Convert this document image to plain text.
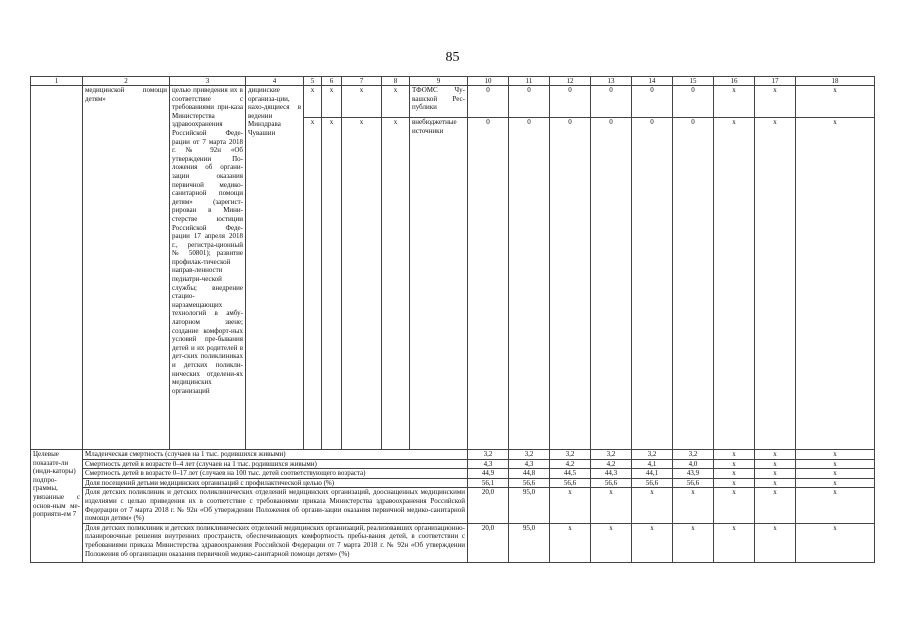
85
1	2	3	4	5	6	7	8	9	10	11	12	13	14	15	16	17	18
	медицинской помощи детям»	целью приведения их в соответствие с требованиями при-каза Министерства здравоохранения Российской Феде-рации от 7 марта 2018 г. № 92н «Об утверждении По-ложения об органи-зации оказания первичной медико-санитарной помощи детям» (зарегист-рирован в Мини-стерстве юстиции Российской Феде-рации 17 апреля 2018 г., регистра-ционный № 50801); развитие профилак-тической направ-ленности педиатри-ческой службы; внедрение стацио-нарзамещающих технологий в амбу-латорном звене; создание комфорт-ных условий пре-бывания детей и их родителей в дет-ских поликлиниках и детских поликли-нических отделени-ях медицинских организаций	дицинские организа-ции, нахо-дящиеся в ведении Минздрава Чувашии	х	х	х	х	ТФОМС Чу-вашской Рес-публики	0	0	0	0	0	0	х	х	х
				х	х	х	х	внебюджетные источники	0	0	0	0	0	0	х	х	х
Целевые показате-ли (инди-каторы) подпро-граммы, увязанные с основ-ным ме-роприяти-ем 7	Младенческая смертность (случаев на 1 тыс. родившихся живыми)								3,2	3,2	3,2	3,2	3,2	3,2	х	х	х
	Смертность детей в возрасте 0–4 лет (случаев на 1 тыс. родившихся живыми)								4,3	4,3	4,2	4,2	4,1	4,0	х	х	х
	Смертность детей в возрасте 0–17 лет (случаев на 100 тыс. детей соответствующего возраста)								44,9	44,8	44,5	44,3	44,1	43,9	х	х	х
	Доля посещений детьми медицинских организаций с профилактической целью (%)								56,1	56,6	56,6	56,6	56,6	56,6	х	х	х
	Доля детских поликлиник и детских поликлинических отделений медицинских организаций, дооснащенных медицинскими изделиями с целью приведения их в соответствие с требованиями приказа Министерства здравоохранения Российской Федерации от 7 марта 2018 г. № 92н «Об утверждении Положения об органи-зации оказания первичной медико-санитарной помощи детям» (%)								20,0	95,0	х	х	х	х	х	х	х
	Доля детских поликлиник и детских поликлинических отделений медицинских организаций, реализовавших организационно-планировочные решения внутренних пространств, обеспечивающих комфортность пребы-вания детей, в соответствии с требованиями приказа Министерства здравоохранения Российской Федерации от 7 марта 2018 г. № 92н «Об утверждении Положения об организации оказания первичной медико-санитарной помощи детям» (%)								20,0	95,0	х	х	х	х	х	х	х
